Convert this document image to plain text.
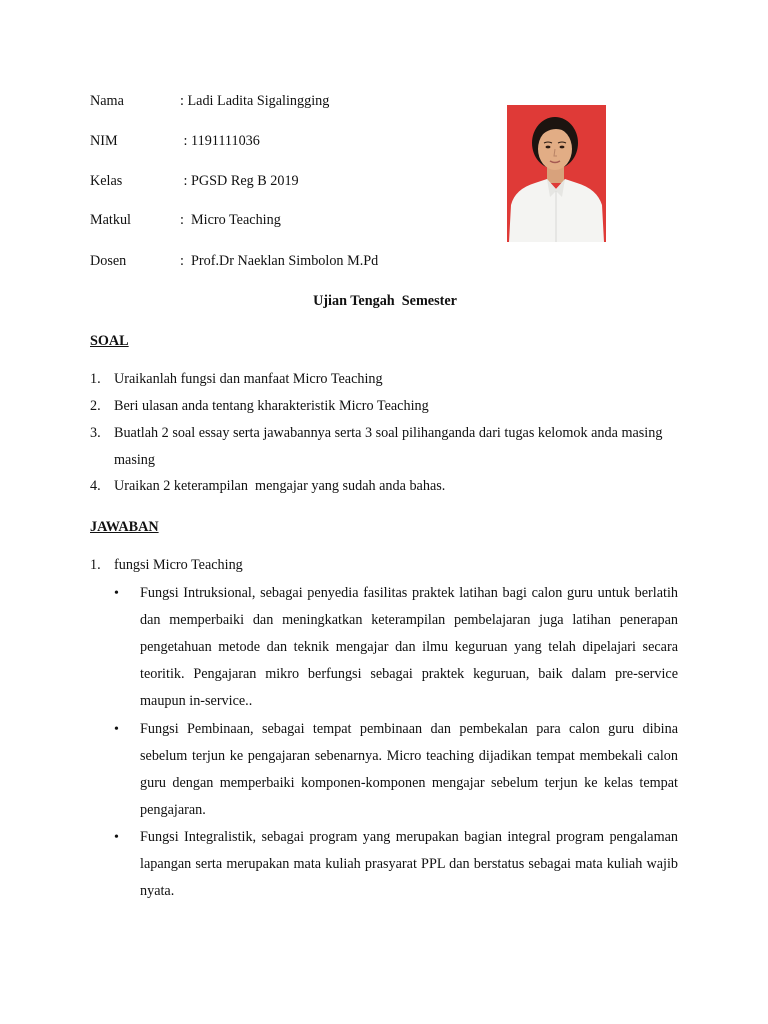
Nama	: Ladi Ladita Sigalingging
NIM	: 1191111036
Kelas	: PGSD Reg B 2019
Matkul	:  Micro Teaching
Dosen	:  Prof.Dr Naeklan Simbolon M.Pd
Ujian Tengah  Semester
SOAL
1. Uraikanlah fungsi dan manfaat Micro Teaching
2. Beri ulasan anda tentang kharakteristik Micro Teaching
3. Buatlah 2 soal essay serta jawabannya serta 3 soal pilihanganda dari tugas kelomok anda masing masing
4. Uraikan 2 keterampilan  mengajar yang sudah anda bahas.
JAWABAN
1. fungsi Micro Teaching
• Fungsi Intruksional, sebagai penyedia fasilitas praktek latihan bagi calon guru untuk berlatih dan memperbaiki dan meningkatkan keterampilan pembelajaran juga latihan penerapan pengetahuan metode dan teknik mengajar dan ilmu keguruan yang telah dipelajari secara teoritik. Pengajaran mikro berfungsi sebagai praktek keguruan, baik dalam pre-service maupun in-service..
• Fungsi Pembinaan, sebagai tempat pembinaan dan pembekalan para calon guru dibina sebelum terjun ke pengajaran sebenarnya. Micro teaching dijadikan tempat membekali calon guru dengan memperbaiki komponen-komponen mengajar sebelum terjun ke kelas tempat pengajaran.
• Fungsi Integralistik, sebagai program yang merupakan bagian integral program pengalaman lapangan serta merupakan mata kuliah prasyarat PPL dan berstatus sebagai mata kuliah wajib nyata.
